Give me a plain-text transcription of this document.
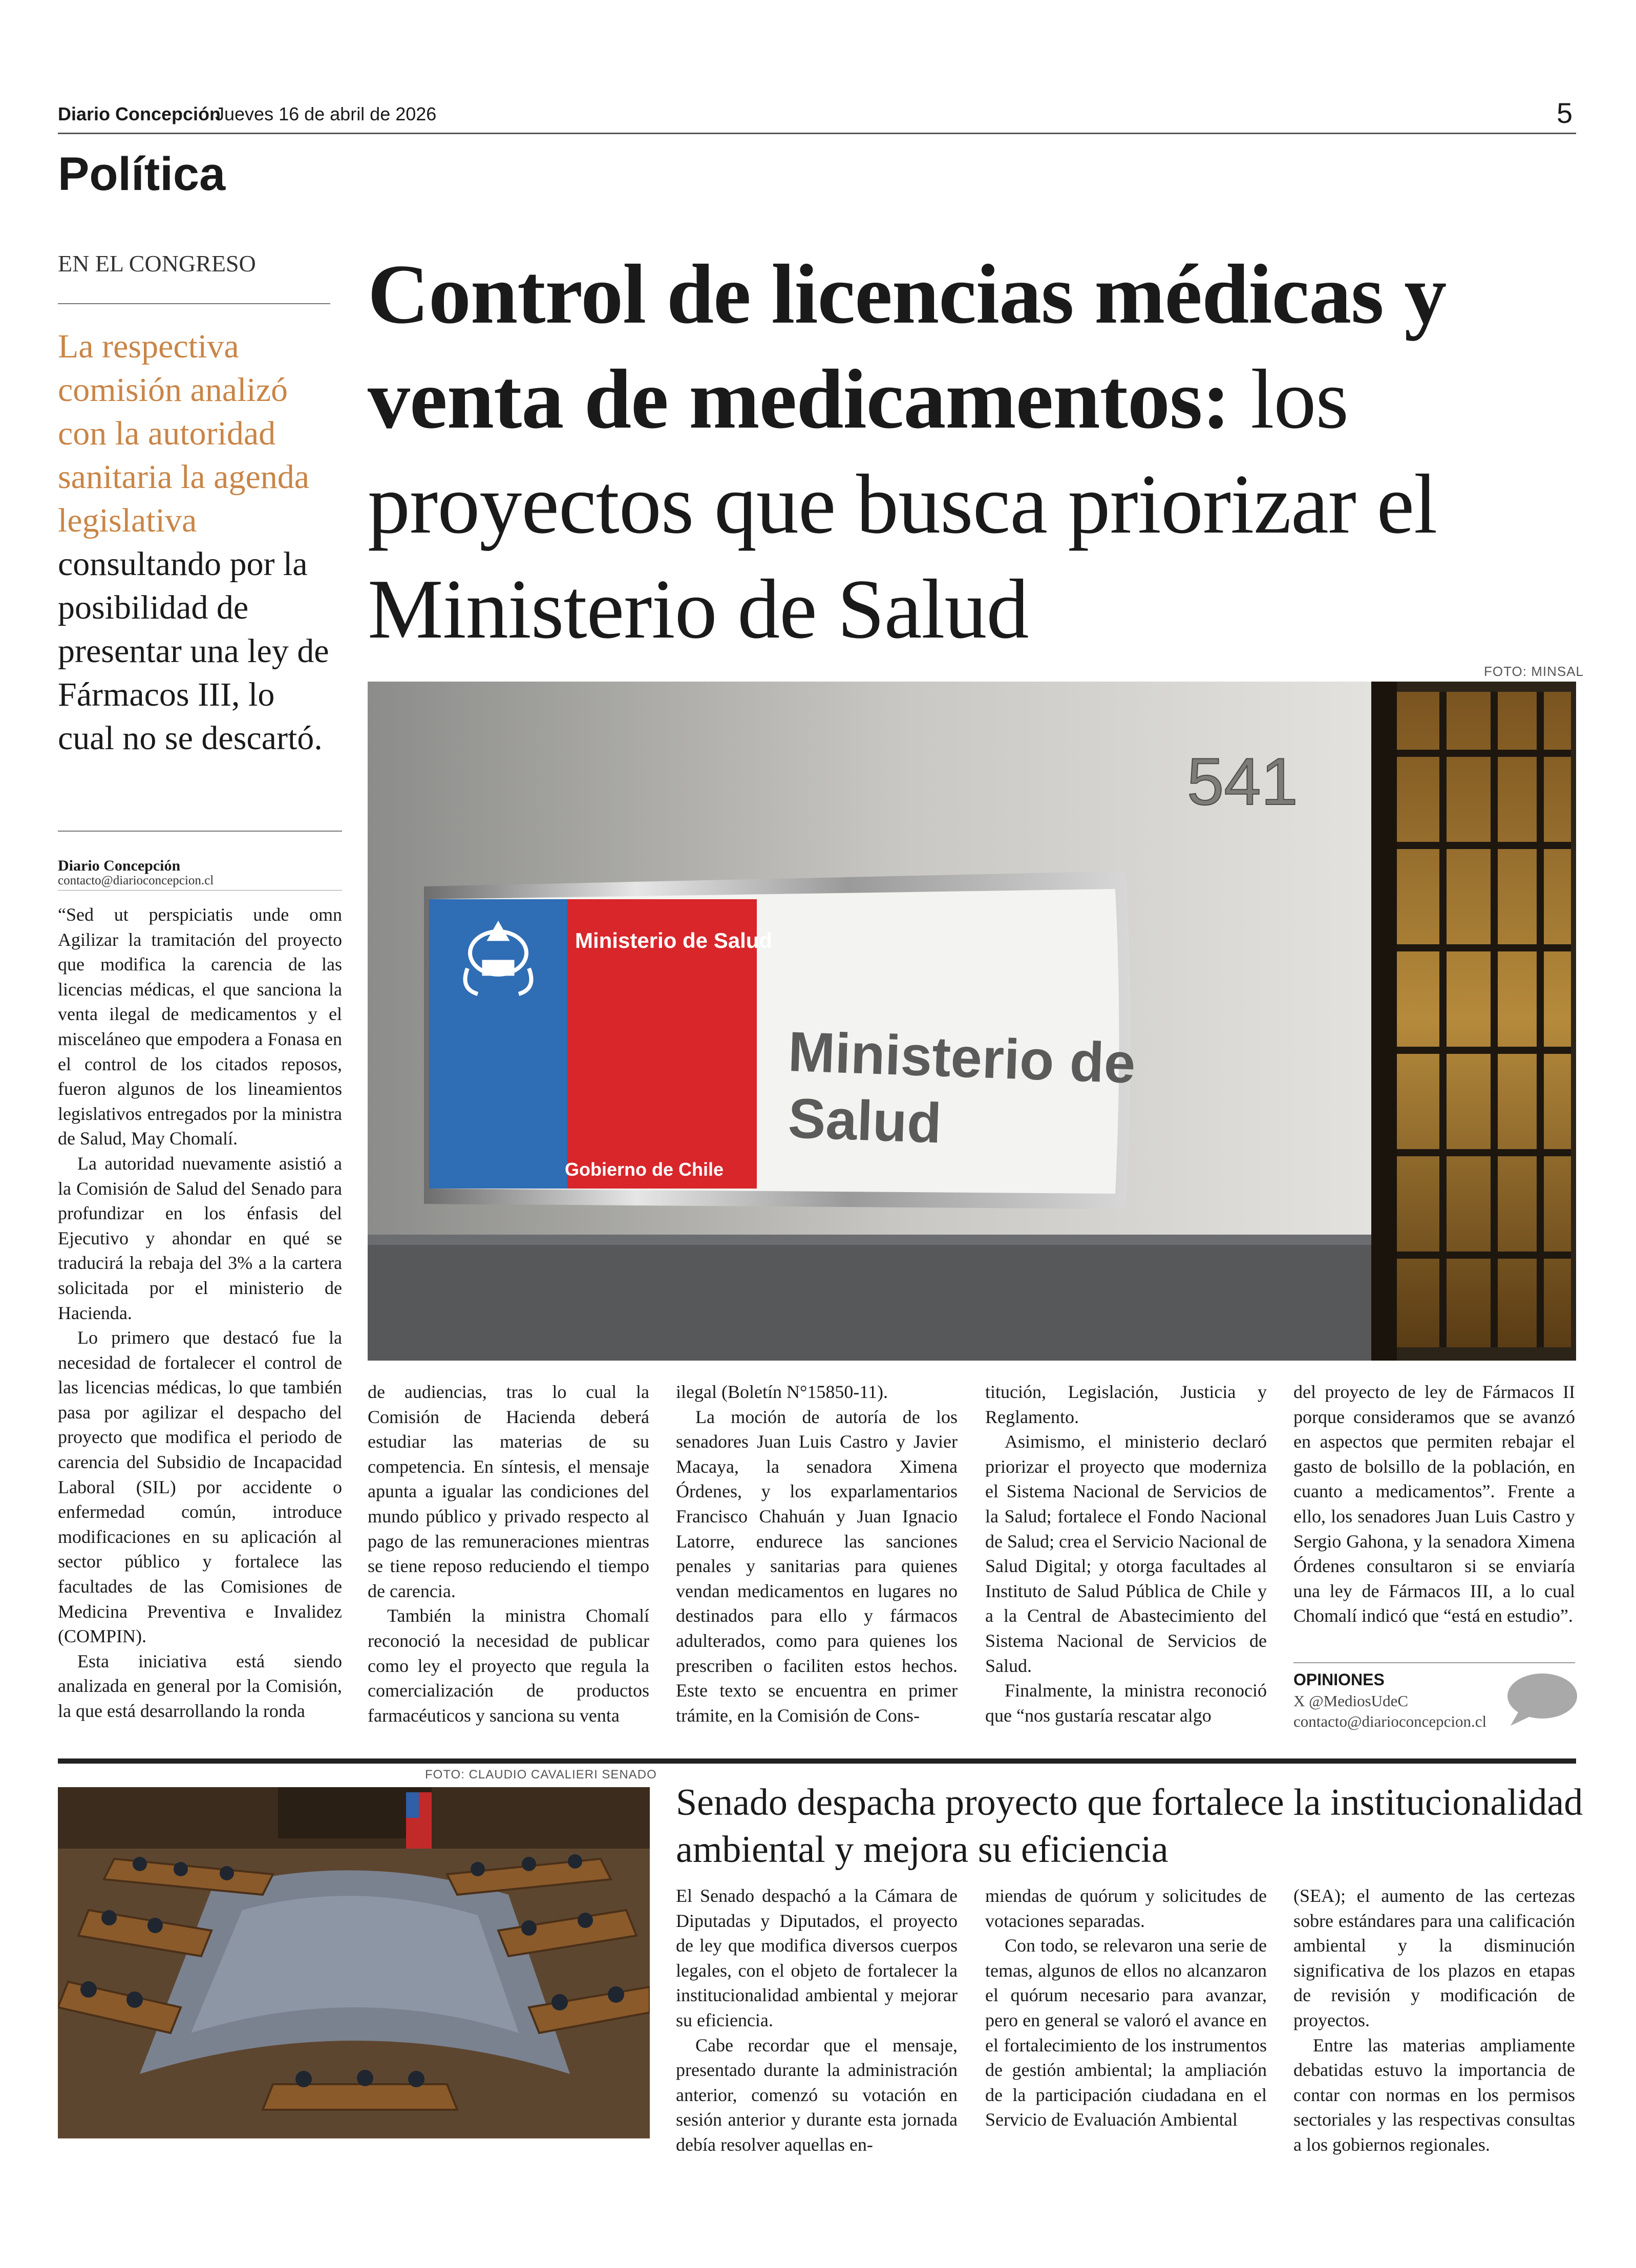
Diario Concepción
Jueves 16 de abril de 2026	5
Política
EN EL CONGRESO
La respectiva comisión analizó con la autoridad sanitaria la agenda legislativa consultando por la posibilidad de presentar una ley de Fármacos III, lo cual no se descartó.
Diario Concepción
contacto@diarioconcepcion.cl
Control de licencias médicas y venta de medicamentos: los proyectos que busca priorizar el Ministerio de Salud
FOTO: MINSAL
541
Ministerio de Salud
Gobierno de Chile
Ministerio de
Salud

“Sed ut perspiciatis unde omn Agilizar la tramitación del proyecto que modifica la carencia de las licencias médicas, el que sanciona la venta ilegal de medicamentos y el misceláneo que empodera a Fonasa en el control de los citados reposos, fueron algunos de los lineamientos legislativos entregados por la ministra de Salud, May Chomalí.

La autoridad nuevamente asistió a la Comisión de Salud del Senado para profundizar en los énfasis del Ejecutivo y ahondar en qué se traducirá la rebaja del 3% a la cartera solicitada por el ministerio de Hacienda.

Lo primero que destacó fue la necesidad de fortalecer el control de las licencias médicas, lo que también pasa por agilizar el despacho del proyecto que modifica el periodo de carencia del Subsidio de Incapacidad Laboral (SIL) por accidente o enfermedad común, introduce modificaciones en su aplicación al sector público y fortalece las facultades de las Comisiones de Medicina Preventiva e Invalidez (COMPIN).

Esta iniciativa está siendo analizada en general por la Comisión, la que está desarrollando la ronda

de audiencias, tras lo cual la Comisión de Hacienda deberá estudiar las materias de su competencia. En síntesis, el mensaje apunta a igualar las condiciones del mundo público y privado respecto al pago de las remuneraciones mientras se tiene reposo reduciendo el tiempo de carencia.

También la ministra Chomalí reconoció la necesidad de publicar como ley el proyecto que regula la comercialización de productos farmacéuticos y sanciona su venta

ilegal (Boletín N°15850-11).

La moción de autoría de los senadores Juan Luis Castro y Javier Macaya, la senadora Ximena Órdenes, y los exparlamentarios Francisco Chahuán y Juan Ignacio Latorre, endurece las sanciones penales y sanitarias para quienes vendan medicamentos en lugares no destinados para ello y fármacos adulterados, como para quienes los prescriben o faciliten estos hechos. Este texto se encuentra en primer trámite, en la Comisión de Cons-

titución, Legislación, Justicia y Reglamento.

Asimismo, el ministerio declaró priorizar el proyecto que moderniza el Sistema Nacional de Servicios de la Salud; fortalece el Fondo Nacional de Salud; crea el Servicio Nacional de Salud Digital; y otorga facultades al Instituto de Salud Pública de Chile y a la Central de Abastecimiento del Sistema Nacional de Servicios de Salud.

Finalmente, la ministra reconoció que “nos gustaría rescatar algo

del proyecto de ley de Fármacos II porque consideramos que se avanzó en aspectos que permiten rebajar el gasto de bolsillo de la población, en cuanto a medicamentos”. Frente a ello, los senadores Juan Luis Castro y Sergio Gahona, y la senadora Ximena Órdenes consultaron si se enviaría una ley de Fármacos III, a lo cual Chomalí indicó que “está en estudio”.

OPINIONES
X @MediosUdeC
contacto@diarioconcepcion.cl
FOTO: CLAUDIO CAVALIERI SENADO
Senado despacha proyecto que fortalece la institucionalidad ambiental y mejora su eficiencia

El Senado despachó a la Cámara de Diputadas y Diputados, el proyecto de ley que modifica diversos cuerpos legales, con el objeto de fortalecer la institucionalidad ambiental y mejorar su eficiencia.

Cabe recordar que el mensaje, presentado durante la administración anterior, comenzó su votación en sesión anterior y durante esta jornada debía resolver aquellas en-

miendas de quórum y solicitudes de votaciones separadas.

Con todo, se relevaron una serie de temas, algunos de ellos no alcanzaron el quórum necesario para avanzar, pero en general se valoró el avance en el fortalecimiento de los instrumentos de gestión ambiental; la ampliación de la participación ciudadana en el Servicio de Evaluación Ambiental

(SEA); el aumento de las certezas sobre estándares para una calificación ambiental y la disminución significativa de los plazos en etapas de revisión y modificación de proyectos.

Entre las materias ampliamente debatidas estuvo la importancia de contar con normas en los permisos sectoriales y las respectivas consultas a los gobiernos regionales.
